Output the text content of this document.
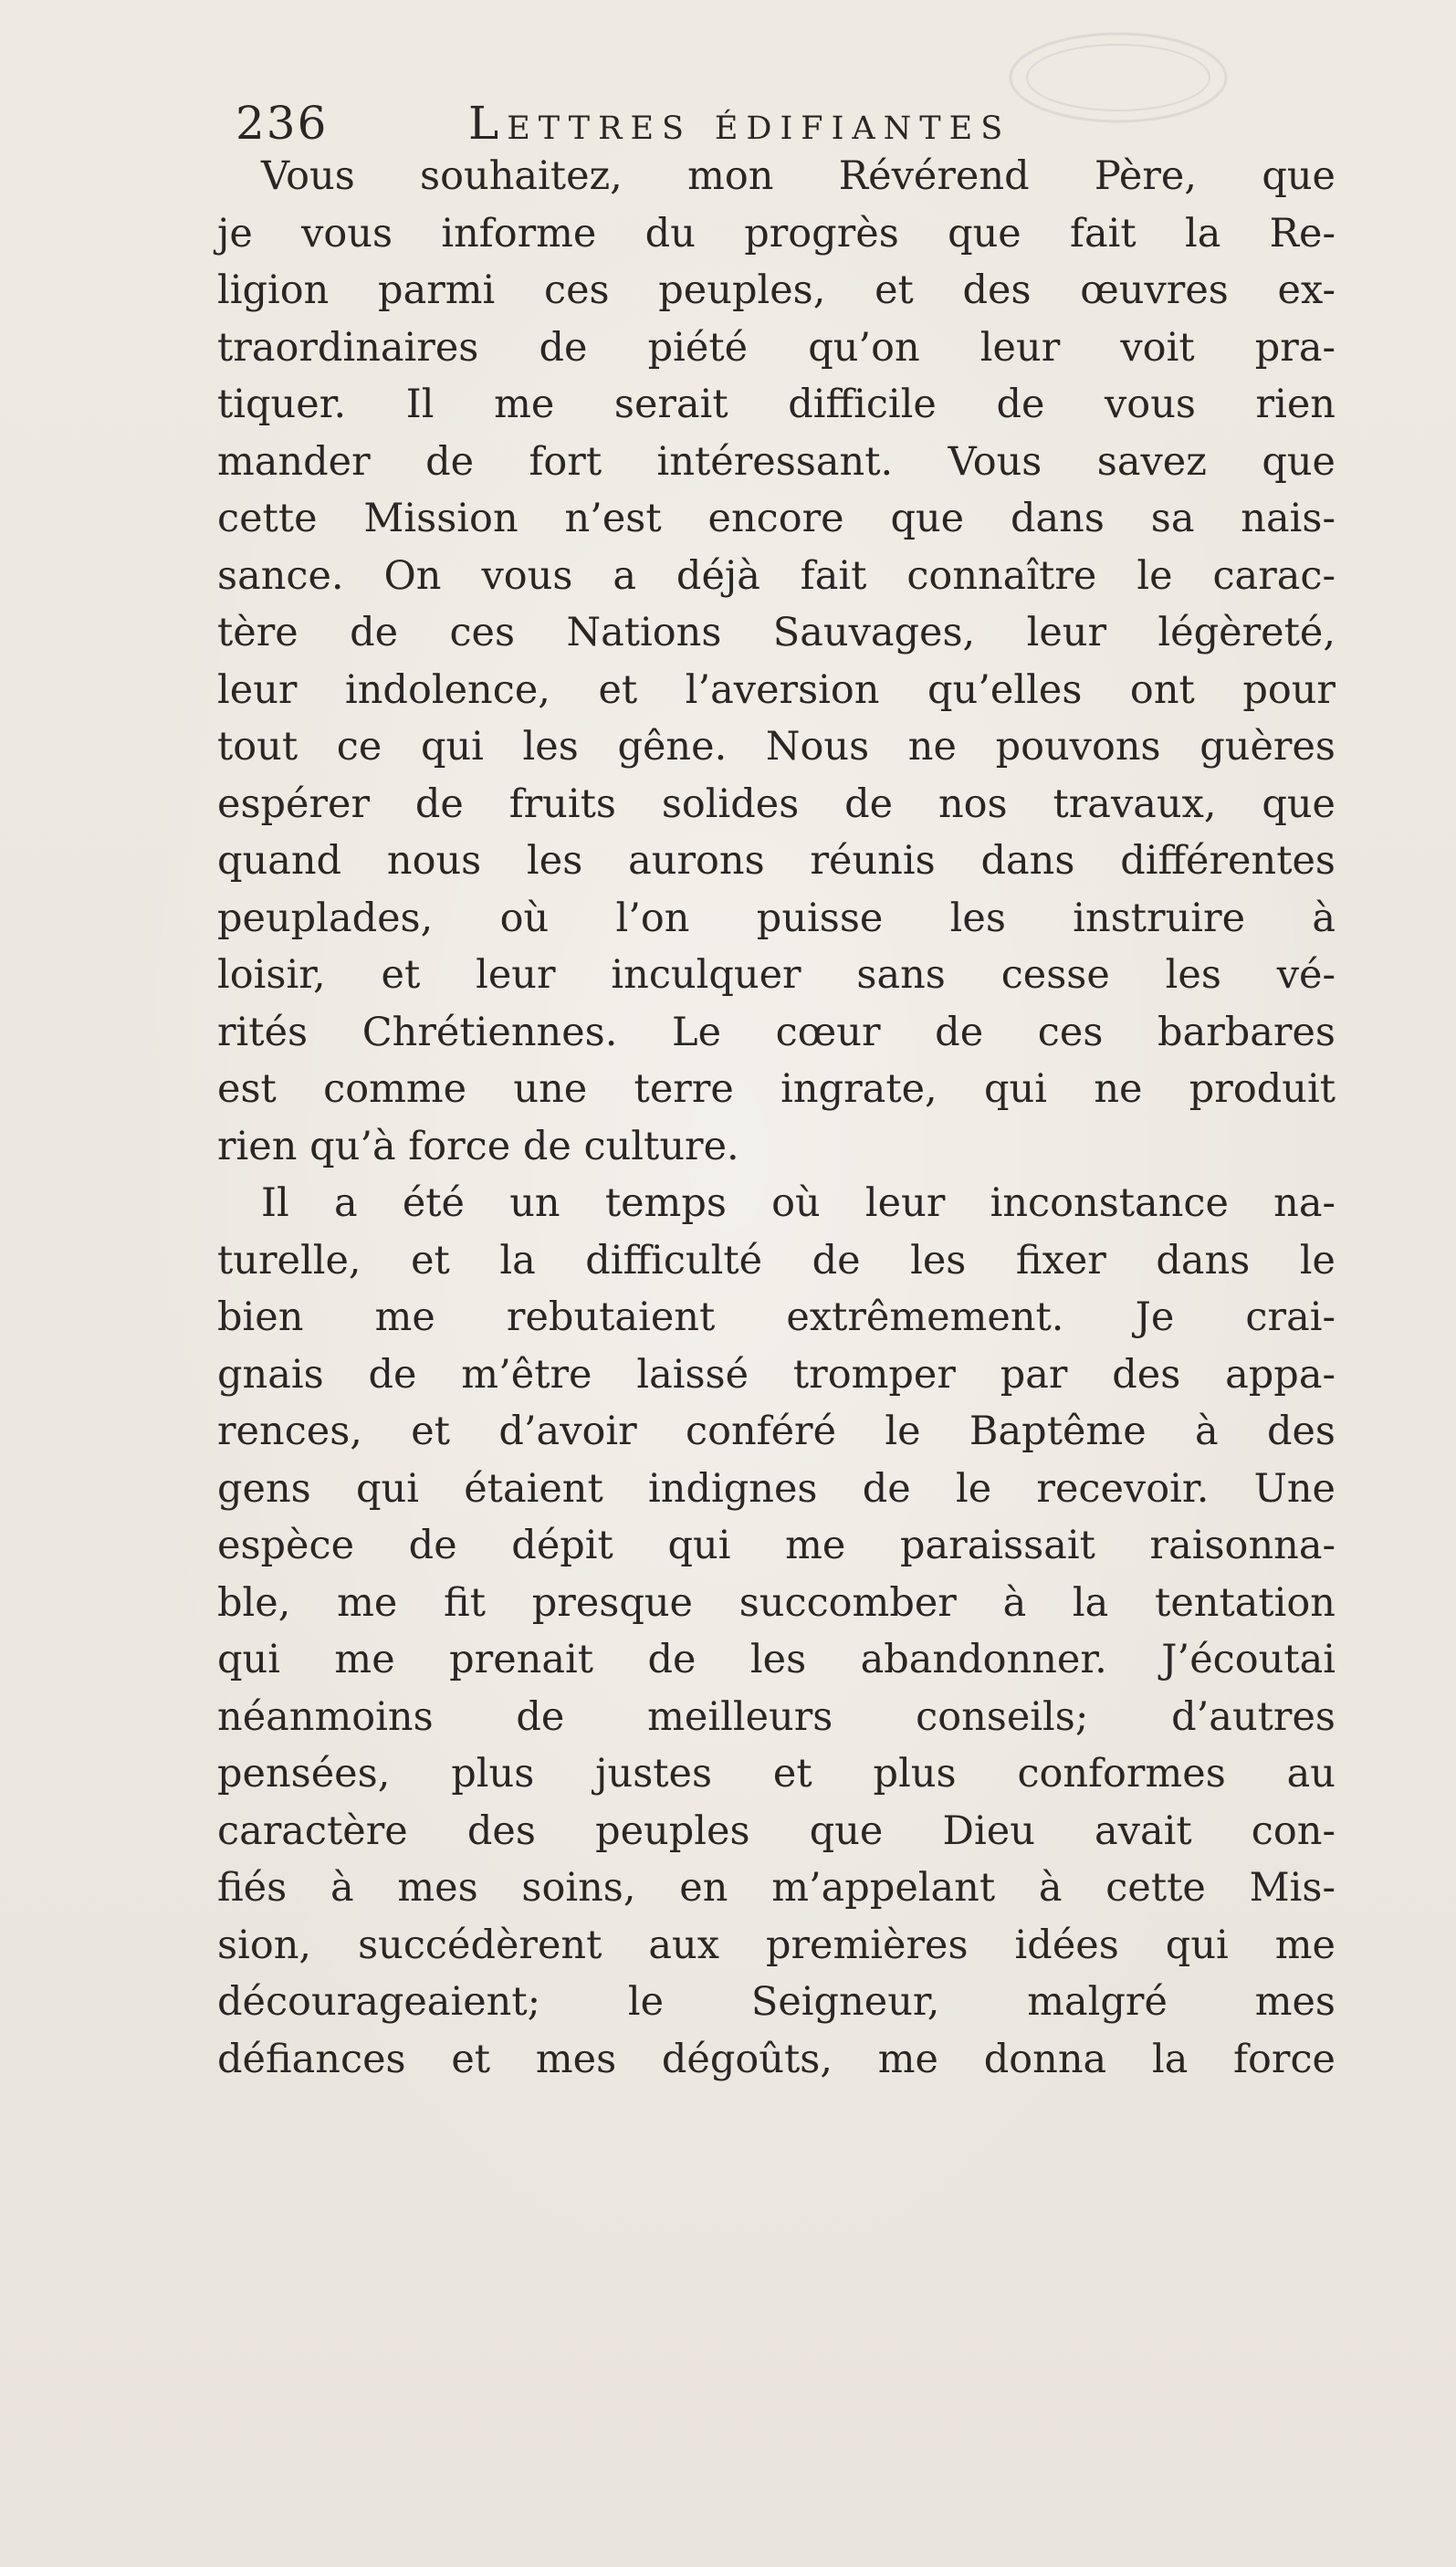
236	Lettres édifiantes
Vous souhaitez, mon Révérend Père, que
je vous informe du progrès que fait la Re-
ligion parmi ces peuples, et des œuvres ex-
traordinaires de piété qu’on leur voit pra-
tiquer. Il me serait difficile de vous rien
mander de fort intéressant. Vous savez que
cette Mission n’est encore que dans sa nais-
sance. On vous a déjà fait connaître le carac-
tère de ces Nations Sauvages, leur légèreté,
leur indolence, et l’aversion qu’elles ont pour
tout ce qui les gêne. Nous ne pouvons guères
espérer de fruits solides de nos travaux, que
quand nous les aurons réunis dans différentes
peuplades, où l’on puisse les instruire à
loisir, et leur inculquer sans cesse les vé-
rités Chrétiennes. Le cœur de ces barbares
est comme une terre ingrate, qui ne produit
rien qu’à force de culture.
Il a été un temps où leur inconstance na-
turelle, et la difficulté de les fixer dans le
bien me rebutaient extrêmement. Je crai-
gnais de m’être laissé tromper par des appa-
rences, et d’avoir conféré le Baptême à des
gens qui étaient indignes de le recevoir. Une
espèce de dépit qui me paraissait raisonna-
ble, me fit presque succomber à la tentation
qui me prenait de les abandonner. J’écoutai
néanmoins de meilleurs conseils; d’autres
pensées, plus justes et plus conformes au
caractère des peuples que Dieu avait con-
fiés à mes soins, en m’appelant à cette Mis-
sion, succédèrent aux premières idées qui me
décourageaient; le Seigneur, malgré mes
défiances et mes dégoûts, me donna la force
